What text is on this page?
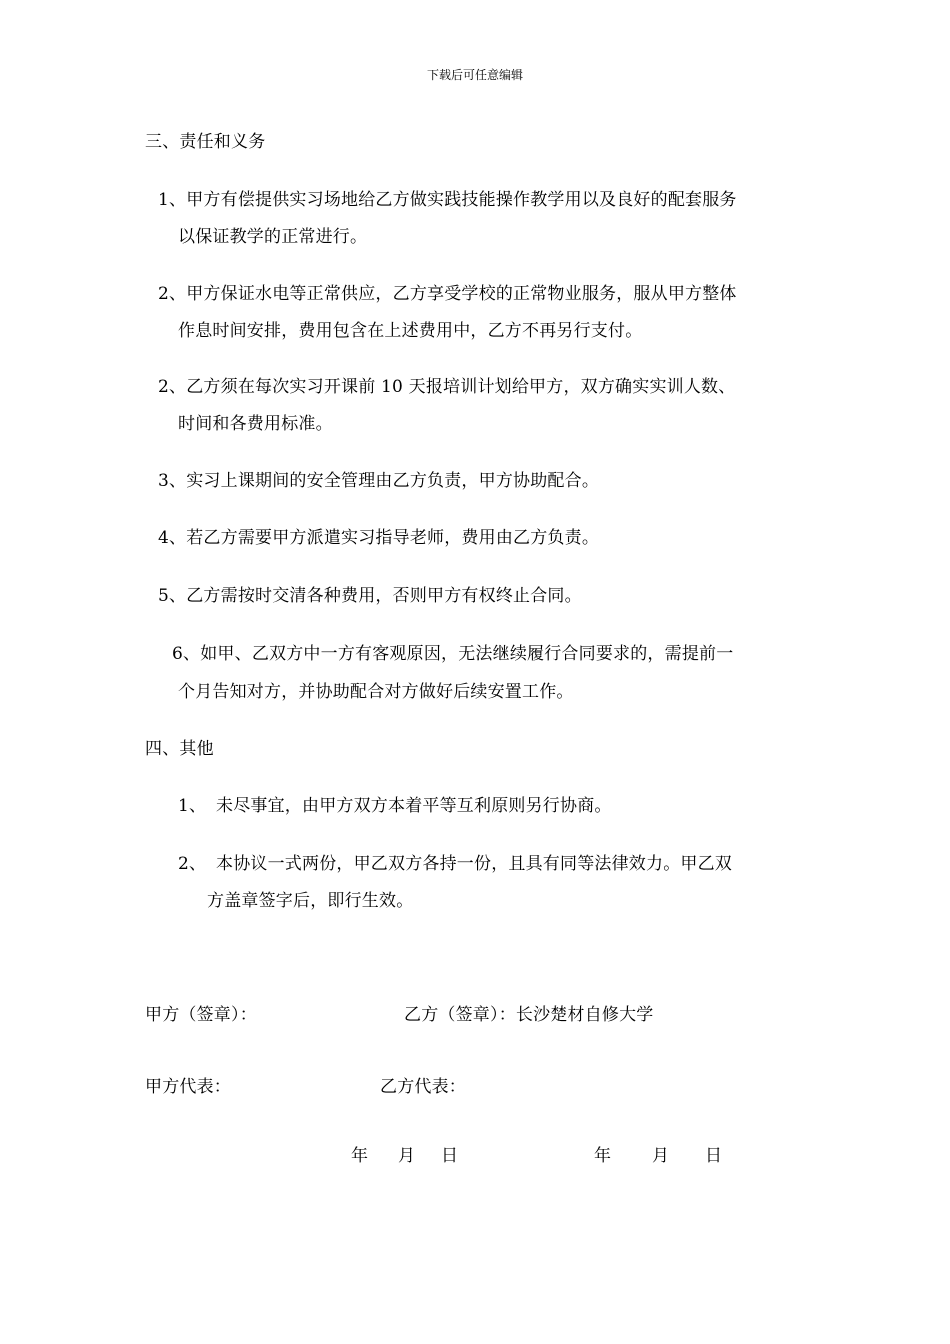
下载后可任意编辑
三、责任和义务
1、甲方有偿提供实习场地给乙方做实践技能操作教学用以及良好的配套服务
以保证教学的正常进行。
2、甲方保证水电等正常供应，乙方享受学校的正常物业服务，服从甲方整体
作息时间安排，费用包含在上述费用中，乙方不再另行支付。
2、乙方须在每次实习开课前 10 天报培训计划给甲方，双方确实实训人数、
时间和各费用标准。
3、实习上课期间的安全管理由乙方负责，甲方协助配合。
4、若乙方需要甲方派遣实习指导老师，费用由乙方负责。
5、乙方需按时交清各种费用，否则甲方有权终止合同。
6、如甲、乙双方中一方有客观原因，无法继续履行合同要求的，需提前一
个月告知对方，并协助配合对方做好后续安置工作。
四、其他
1、 未尽事宜，由甲方双方本着平等互利原则另行协商。
2、 本协议一式两份，甲乙双方各持一份，且具有同等法律效力。甲乙双
方盖章签字后，即行生效。
甲方（签章）：	乙方（签章）：长沙楚材自修大学
甲方代表：	乙方代表：
年 月 日	年 月 日
